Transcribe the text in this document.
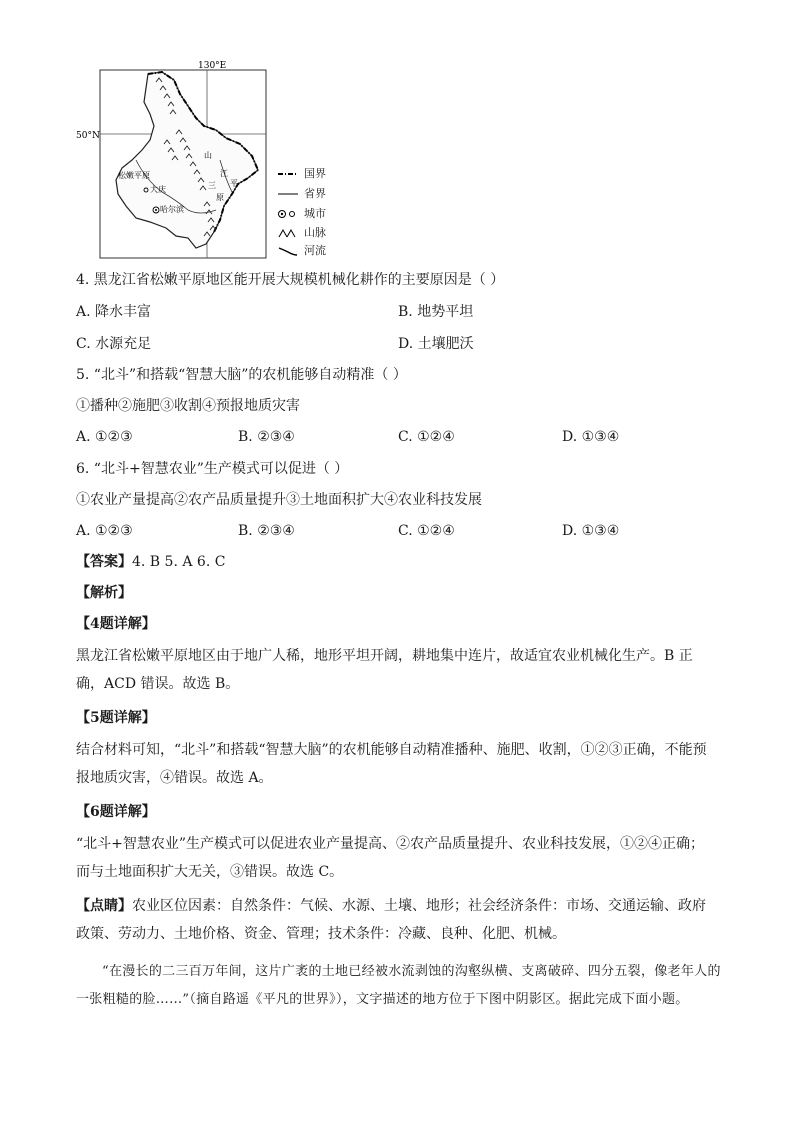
松嫩平原
大庆
哈尔滨
山
江
平
原
三
130°E
50°N
国界
省界
城市
山脉
河流
4. 黑龙江省松嫩平原地区能开展大规模机械化耕作的主要原因是（ ）
A. 降水丰富	B. 地势平坦
C. 水源充足	D. 土壤肥沃
5. “北斗”和搭载“智慧大脑”的农机能够自动精准（ ）
①播种②施肥③收割④预报地质灾害
A. ①②③	B. ②③④	C. ①②④	D. ①③④
6. “北斗+智慧农业”生产模式可以促进（ ）
①农业产量提高②农产品质量提升③土地面积扩大④农业科技发展
A. ①②③	B. ②③④	C. ①②④	D. ①③④
【答案】4. B 5. A 6. C
【解析】
【4题详解】
黑龙江省松嫩平原地区由于地广人稀，地形平坦开阔，耕地集中连片，故适宜农业机械化生产。B 正确，ACD 错误。故选 B。
【5题详解】
结合材料可知，“北斗”和搭载“智慧大脑”的农机能够自动精准播种、施肥、收割，①②③正确，不能预报地质灾害，④错误。故选 A。
【6题详解】
“北斗+智慧农业”生产模式可以促进农业产量提高、②农产品质量提升、农业科技发展，①②④正确；而与土地面积扩大无关，③错误。故选 C。
【点睛】农业区位因素：自然条件：气候、水源、土壤、地形；社会经济条件：市场、交通运输、政府政策、劳动力、土地价格、资金、管理；技术条件：冷藏、良种、化肥、机械。
“在漫长的二三百万年间，这片广袤的土地已经被水流剥蚀的沟壑纵横、支离破碎、四分五裂，像老年人的一张粗糙的脸……”（摘自路遥《平凡的世界》），文字描述的地方位于下图中阴影区。据此完成下面小题。
